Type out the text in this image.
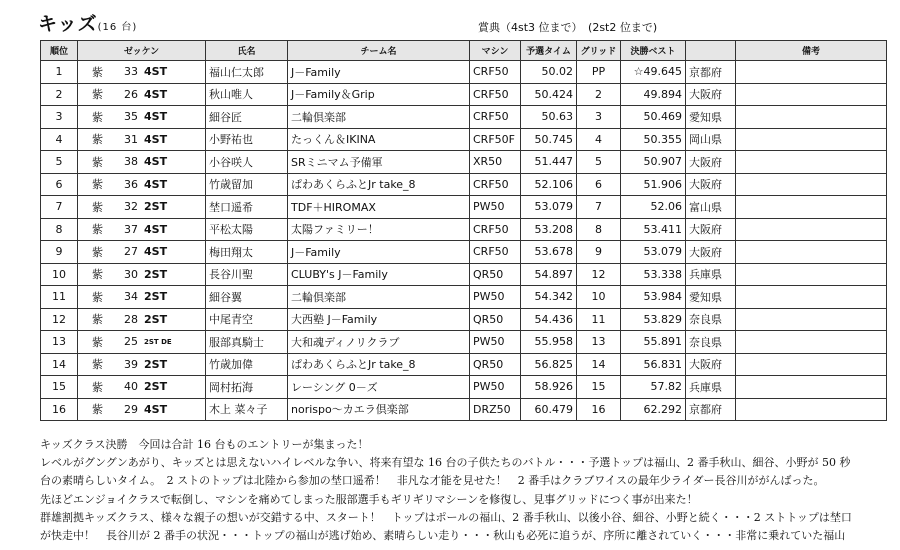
キッズ(16 台)	賞典（4st3 位まで）　(2st2 位まで)
順位	ゼッケン	氏名	チーム名	マシン	予選タイム	グリッド	決勝ベスト		備考
1	紫 33 4ST	福山仁太郎	J－Family	CRF50	50.02	PP	☆49.645	京都府	
2	紫 26 4ST	秋山唯人	J－Family＆Grip	CRF50	50.424	2	49.894	大阪府	
3	紫 35 4ST	細谷匠	二輪倶楽部	CRF50	50.63	3	50.469	愛知県	
4	紫 31 4ST	小野祐也	たっくん＆IKINA	CRF50F	50.745	4	50.355	岡山県	
5	紫 38 4ST	小谷咲人	SRミニマム予備軍	XR50	51.447	5	50.907	大阪府	
6	紫 36 4ST	竹歳留加	ぱわあくらふとJr take_8	CRF50	52.106	6	51.906	大阪府	
7	紫 32 2ST	埜口遥希	TDF＋HIROMAX	PW50	53.079	7	52.06	富山県	
8	紫 37 4ST	平松太陽	太陽ファミリー！	CRF50	53.208	8	53.411	大阪府	
9	紫 27 4ST	梅田翔太	J－Family	CRF50	53.678	9	53.079	大阪府	
10	紫 30 2ST	長谷川聖	CLUBY's J－Family	QR50	54.897	12	53.338	兵庫県	
11	紫 34 2ST	細谷翼	二輪倶楽部	PW50	54.342	10	53.984	愛知県	
12	紫 28 2ST	中尾青空	大西塾 J－Family	QR50	54.436	11	53.829	奈良県	
13	紫 25 2ST DE	服部真騎士	大和魂ディノリクラブ	PW50	55.958	13	55.891	奈良県	
14	紫 39 2ST	竹歳加偉	ぱわあくらふとJr take_8	QR50	56.825	14	56.831	大阪府	
15	紫 40 2ST	岡村拓海	レーシング 0－ズ	PW50	58.926	15	57.82	兵庫県	
16	紫 29 4ST	木上 菜々子	norispo～カエラ倶楽部	DRZ50	60.479	16	62.292	京都府	

キッズクラス決勝　今回は合計 16 台ものエントリーが集まった！

レベルがグングンあがり、キッズとは思えないハイレベルな争い、将来有望な 16 台の子供たちのバトル・・・予選トップは福山、2 番手秋山、細谷、小野が 50 秒

台の素晴らしいタイム。　2 ストのトップは北陸から参加の埜口遥希！　非凡な才能を見せた！　2 番手はクラブワイスの最年少ライダー長谷川ががんばった。

先ほどエンジョイクラスで転倒し、マシンを痛めてしまった服部選手もギリギリマシーンを修復し、見事グリッドにつく事が出来た！

群雄割拠キッズクラス、様々な親子の想いが交錯する中、スタート！　トップはポールの福山、2 番手秋山、以後小谷、細谷、小野と続く・・・2 ストトップは埜口

が快走中！　長谷川が 2 番手の状況・・・トップの福山が逃げ始め、素晴らしい走り・・・秋山も必死に追うが、序所に離されていく・・・非常に乗れていた福山
